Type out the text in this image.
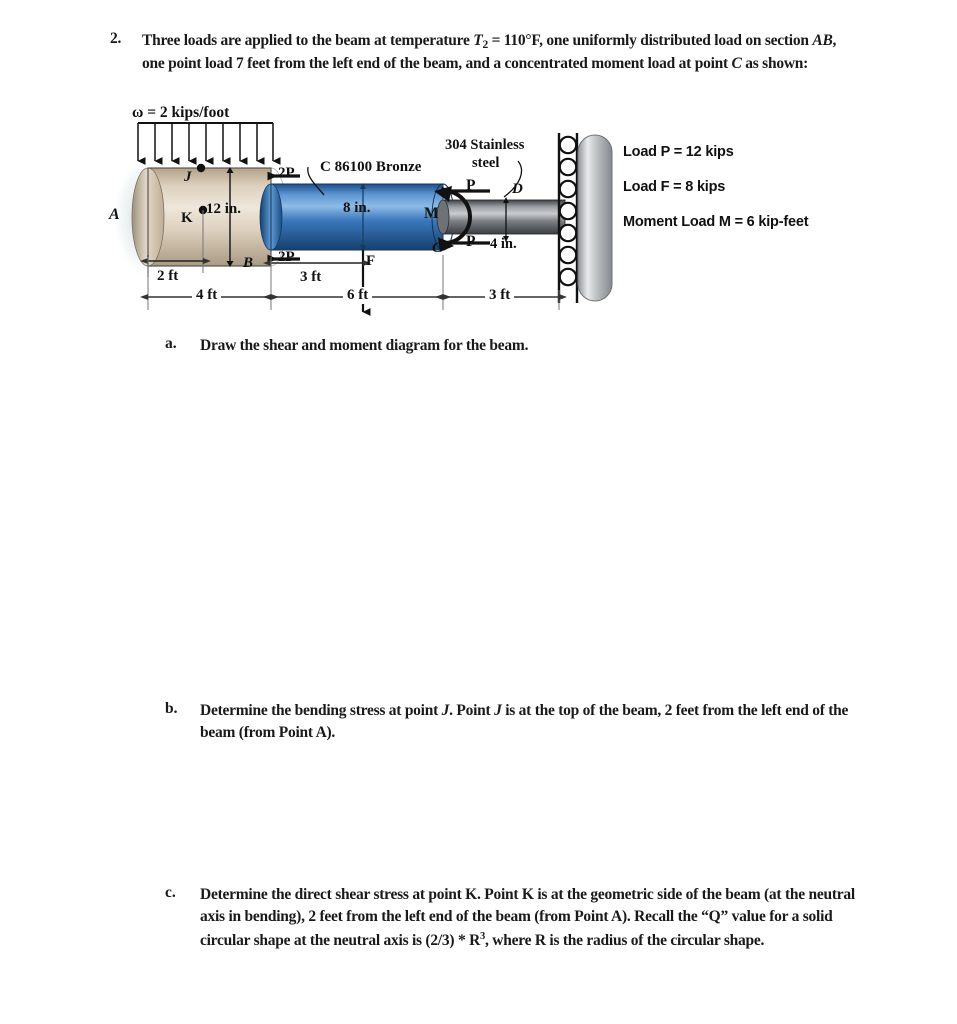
2. Three loads are applied to the beam at temperature $T_2 = 110^\circ F$, one uniformly distributed load on section AB, one point load 7 feet from the left end of the beam, and a concentrated moment load at point C as shown:
ω = 2 kips/foot
C 86100 Bronze
304 Stainless
steel
A
B
C
D
J
K
12 in.	8 in.
4 in.
2P
2P
P
P
M
F
2 ft	3 ft
4 ft	6 ft	3 ft
Load P = 12 kips
Load F = 8 kips
Moment Load M = 6 kip-feet
a. Draw the shear and moment diagram for the beam.
b. Determine the bending stress at point J. Point J is at the top of the beam, 2 feet from the left end of the beam (from Point A).
c. Determine the direct shear stress at point K. Point K is at the geometric side of the beam (at the neutral axis in bending), 2 feet from the left end of the beam (from Point A). Recall the “Q” value for a solid circular shape at the neutral axis is $(2/3) * R^3$, where R is the radius of the circular shape.
